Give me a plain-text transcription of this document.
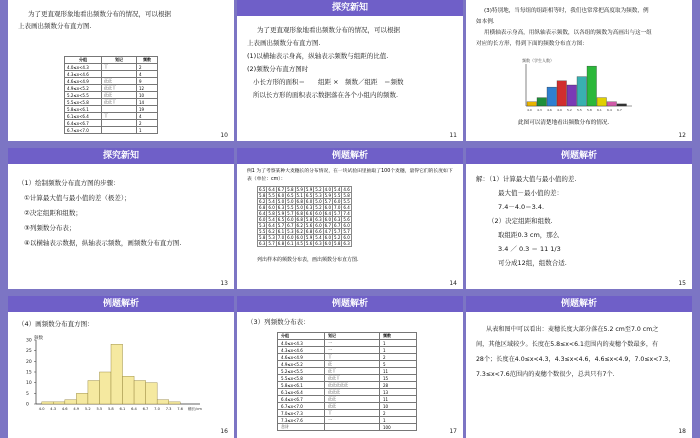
为了更直观形象地看出频数分布的情况，可以根据
上表画出频数分布直方图.
分组	划记	频数
4.0≤x<4.3	丅	2
4.3≤x<4.6		4
4.6≤x<4.9	正正	9
4.9≤x<5.2	正正丅	12
5.2≤x<5.5	正正	10
5.5≤x<5.8	正正丅	14
5.8≤x<6.1		19
6.1≤x<6.4	丅	4
6.4≤x<6.7		2
6.7≤x<7.0		1
10
探究新知
为了更直观形象地看出频数分布的情况，可以根据
上表画出频数分布直方图.
(1)以横轴表示身高，纵轴表示频数与组距的比值.
(2)频数分布直方图时
小长方形的面积＝　　组距 ×　频数／组距　＝频数
所以长方形的面积表示数据落在各个小组内的频数.
11
(3)特别地，当每组的组距相等时，我们也常常把高度取为频数，例
如本例.
用横轴表示身高，用纵轴表示频数，以各组的频数为高画出与这一组
对应的长方形，得到下面的频数分布直方图：
频数（学生人数）
4.0 4.3 4.6 4.9 5.2 5.5 5.8 6.1 6.4 6.7
此图可以清楚地看出频数分布的情况.
12
探究新知
（1）绘制频数分布直方图的步骤：
①计算最大值与最小值的差（极差）；
②决定组距和组数；
③列频数分布表；
④以横轴表示数据，纵轴表示频数，画频数分布直方图.
13
例题解析
例1 为了考察某种大麦穗长的分布情况，在一块试验田里抽取了100个麦穗，量得它们的长度如下表（单位：cm）：
6.5	6.4	6.7	5.8	5.9	5.9	5.2	4.0	5.4	4.6
5.8	5.5	6.0	6.5	5.1	6.5	5.3	5.9	5.5	5.8
6.2	5.4	5.0	5.0	6.8	6.0	5.0	5.7	6.0	5.5
6.8	6.0	6.3	5.5	5.0	6.3	5.2	6.0	7.0	6.4
6.4	5.8	5.9	5.7	6.8	6.6	6.0	6.4	5.7	7.4
6.0	5.4	6.5	6.0	6.8	5.8	6.3	6.0	6.3	5.6
5.3	6.4	5.7	6.7	6.2	5.6	6.0	6.7	6.7	6.0
5.5	6.2	6.1	5.3	6.2	6.8	6.6	4.7	5.7	5.7
5.8	5.3	7.0	6.0	6.0	5.9	5.4	6.0	5.2	6.0
6.3	5.7	6.8	6.1	4.5	5.6	6.3	6.0	5.8	6.3
列出样本的频数分布表，画出频数分布直方图.
14
例题解析
解：（1）计算最大值与最小值的差.
最大值－最小值的差：
7.4－4.0＝3.4.
（2）决定组距和组数.
取组距0.3 cm，那么
3.4 ／ 0.3 ＝ 11 1/3
可分成12组，组数合适.
15
例题解析
（4）画频数分布直方图：
频数
0
5
10
15
20
25
30
4.0 4.3 4.6 4.9 5.2 5.5 5.8 6.1 6.4 6.7 7.0 7.3 7.6 穗长/cm
16
例题解析
（3）列频数分布表：
分组	划记	频数
4.0≤x<4.3	一	1
4.3≤x<4.6	一	1
4.6≤x<4.9	丅	2
4.9≤x<5.2	正	5
5.2≤x<5.5	正丅	11
5.5≤x<5.8	正正丅	15
5.8≤x<6.1	正正正正正	28
6.1≤x<6.4	正正正	13
6.4≤x<6.7	正正	11
6.7≤x<7.0	正正	10
7.0≤x<7.3	丅	2
7.3≤x<7.6	一	1
合计		100
17
例题解析
从表和图中可以看出：麦穗长度大部分落在5.2 cm至7.0 cm之
间，其他区域较少。长度在5.8≤x<6.1范围内的麦穗个数最多，有
28个；长度在4.0≤x<4.3，4.3≤x<4.6，4.6≤x<4.9，7.0≤x<7.3，
7.3≤x<7.6范围内的麦穗个数很少，总共只有7个.
18
